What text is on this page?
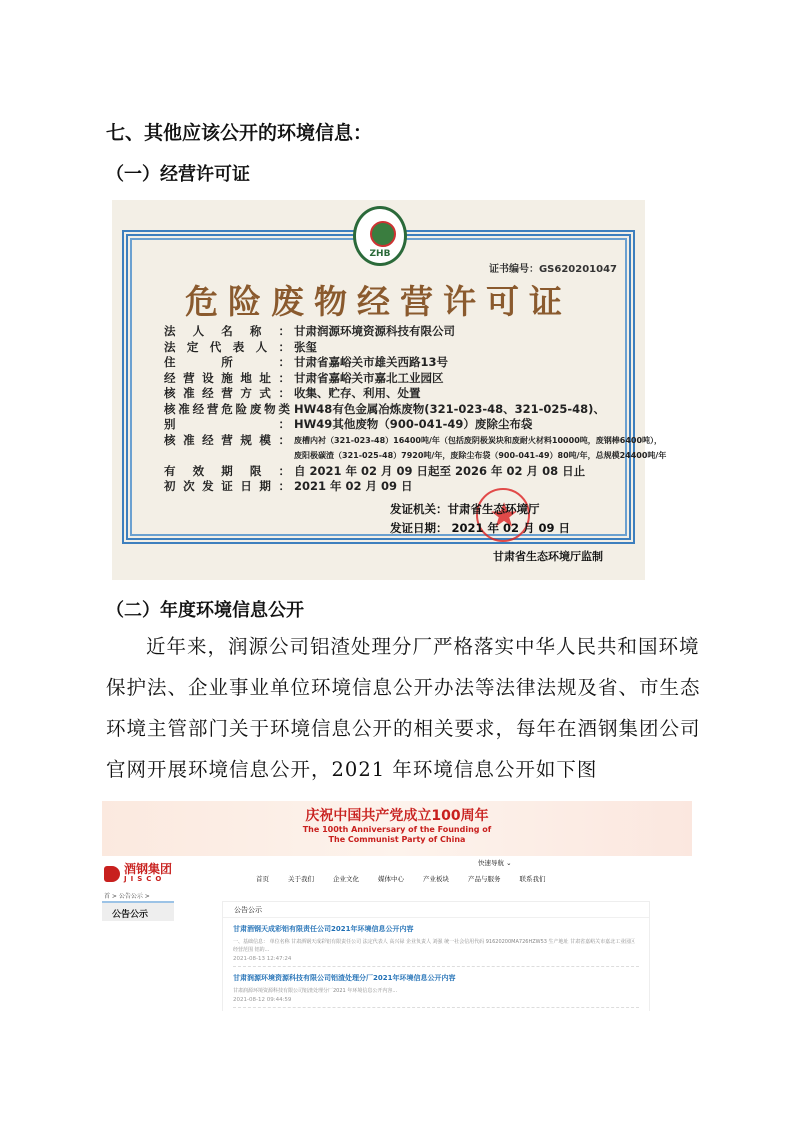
七、其他应该公开的环境信息：
（一）经营许可证
ZHB
证书编号：GS620201047
危险废物经营许可证
法人名称： 甘肃润源环境资源科技有限公司
法定代表人： 张玺
住所： 甘肃省嘉峪关市雄关西路13号
经营设施地址： 甘肃省嘉峪关市嘉北工业园区
核准经营方式： 收集、贮存、利用、处置
核准经营危险废物类别：
HW48有色金属冶炼废物(321-023-48、321-025-48)、
HW49其他废物（900-041-49）废除尘布袋
核准经营规模： 废槽内衬（321-023-48）16400吨/年（包括废阴极炭块和废耐火材料10000吨，废钢棒6400吨），
废阳极碳渣（321-025-48）7920吨/年，废除尘布袋（900-041-49）80吨/年，总规模24400吨/年
有效期限： 自 2021 年 02 月 09 日起至 2026 年 02 月 08 日止
初次发证日期： 2021 年 02 月 09 日
发证机关：甘肃省生态环境厅
发证日期： 2021 年 02 月 09 日
甘肃省生态环境厅监制
（二）年度环境信息公开
近年来，润源公司铝渣处理分厂严格落实中华人民共和国环境保护法、企业事业单位环境信息公开办法等法律法规及省、市生态环境主管部门关于环境信息公开的相关要求，每年在酒钢集团公司官网开展环境信息公开，2021 年环境信息公开如下图
庆祝中国共产党成立100周年
The 100th Anniversary of the Founding of
The Communist Party of China
酒钢集团
JISCO
快速导航 ⌄
首页	关于我们	企业文化	媒体中心	产业板块	产品与服务	联系我们
首 > 公告公示 >
公告公示	公告公示
甘肃酒钢天成彩铝有限责任公司2021年环境信息公开内容
一、基础信息： 单位名称 甘肃酒钢天成彩铝有限责任公司 法定代表人 高兴禄 企业负责人 刘强 统一社会信用代码 91620200MA726HZW53 生产地址 甘肃省嘉峪关市嘉北工业园区 经营范围 铝的...
2021-08-13 12:47:24
甘肃润源环境资源科技有限公司铝渣处理分厂2021年环境信息公开内容
甘肃润源环境资源科技有限公司铝渣处理分厂2021 年环境信息公开内容...
2021-08-12 09:44:59
